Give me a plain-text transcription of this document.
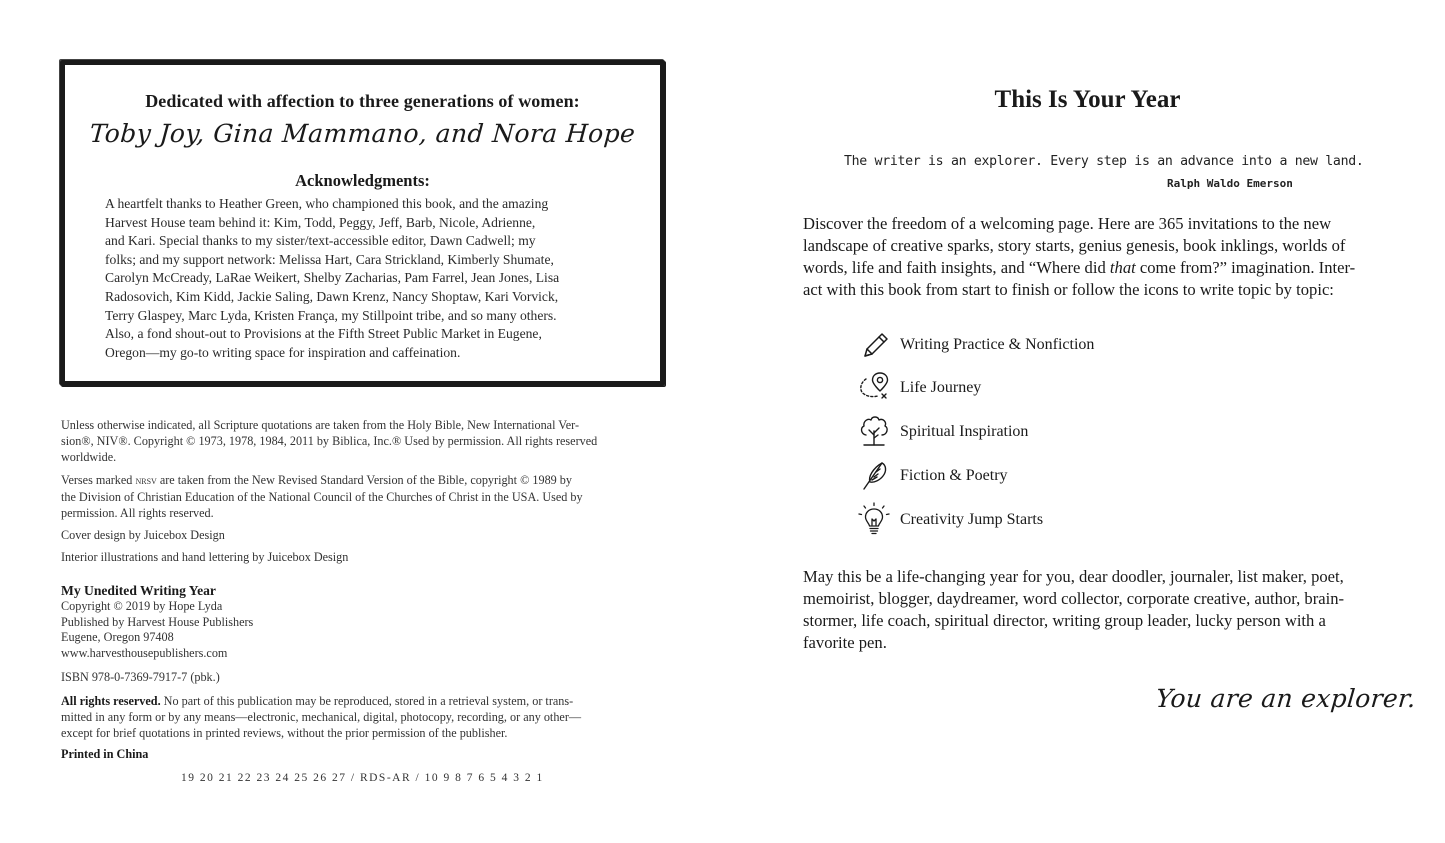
Dedicated with affection to three generations of women:
Toby Joy, Gina Mammano, and Nora Hope
Acknowledgments:
A heartfelt thanks to Heather Green, who championed this book, and the amazing
Harvest House team behind it: Kim, Todd, Peggy, Jeff, Barb, Nicole, Adrienne,
and Kari. Special thanks to my sister/text-accessible editor, Dawn Cadwell; my
folks; and my support network: Melissa Hart, Cara Strickland, Kimberly Shumate,
Carolyn McCready, LaRae Weikert, Shelby Zacharias, Pam Farrel, Jean Jones, Lisa
Radosovich, Kim Kidd, Jackie Saling, Dawn Krenz, Nancy Shoptaw, Kari Vorvick,
Terry Glaspey, Marc Lyda, Kristen França, my Stillpoint tribe, and so many others.
Also, a fond shout-out to Provisions at the Fifth Street Public Market in Eugene,
Oregon—my go-to writing space for inspiration and caffeination.
Unless otherwise indicated, all Scripture quotations are taken from the Holy Bible, New International Ver-
sion®, NIV®. Copyright © 1973, 1978, 1984, 2011 by Biblica, Inc.® Used by permission. All rights reserved
worldwide.
Verses marked nrsv are taken from the New Revised Standard Version of the Bible, copyright © 1989 by
the Division of Christian Education of the National Council of the Churches of Christ in the USA. Used by
permission. All rights reserved.
Cover design by Juicebox Design
Interior illustrations and hand lettering by Juicebox Design
My Unedited Writing Year
Copyright © 2019 by Hope Lyda
Published by Harvest House Publishers
Eugene, Oregon 97408
www.harvesthousepublishers.com
ISBN 978-0-7369-7917-7 (pbk.)
All rights reserved. No part of this publication may be reproduced, stored in a retrieval system, or trans-
mitted in any form or by any means—electronic, mechanical, digital, photocopy, recording, or any other—
except for brief quotations in printed reviews, without the prior permission of the publisher.
Printed in China
19 20 21 22 23 24 25 26 27 / RDS-AR / 10 9 8 7 6 5 4 3 2 1
This Is Your Year
The writer is an explorer. Every step is an advance into a new land.
Ralph Waldo Emerson
Discover the freedom of a welcoming page. Here are 365 invitations to the new
landscape of creative sparks, story starts, genius genesis, book inklings, worlds of
words, life and faith insights, and “Where did that come from?” imagination. Inter-
act with this book from start to finish or follow the icons to write topic by topic:
Writing Practice & Nonfiction
Life Journey
Spiritual Inspiration
Fiction & Poetry
Creativity Jump Starts
May this be a life-changing year for you, dear doodler, journaler, list maker, poet,
memoirist, blogger, daydreamer, word collector, corporate creative, author, brain-
stormer, life coach, spiritual director, writing group leader, lucky person with a
favorite pen.
You are an explorer.
